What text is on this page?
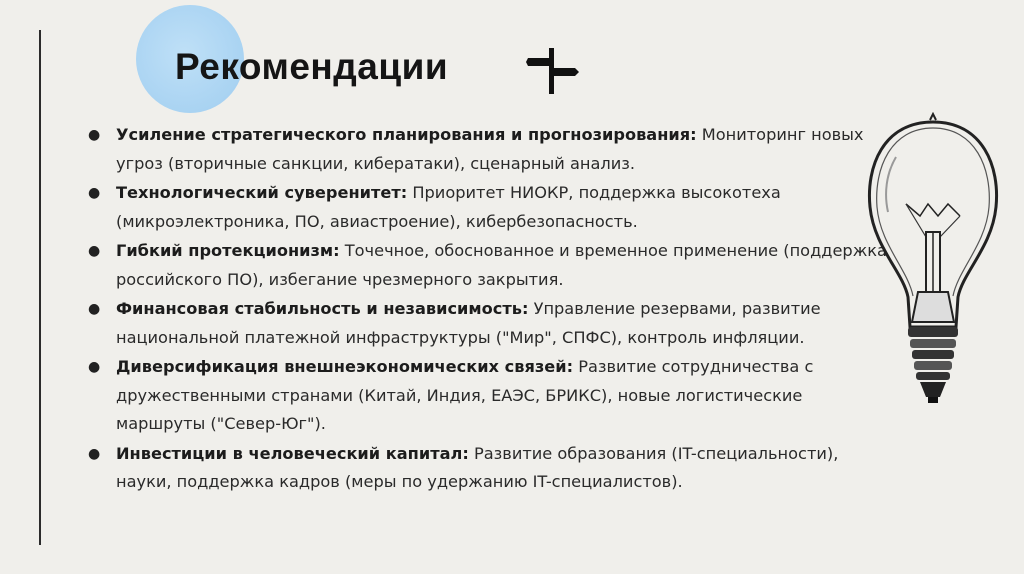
Рекомендации
● Усиление стратегического планирования и прогнозирования: Мониторинг новых угроз (вторичные санкции, кибератаки), сценарный анализ.
● Технологический суверенитет: Приоритет НИОКР, поддержка высокотеха (микроэлектроника, ПО, авиастроение), кибербезопасность.
● Гибкий протекционизм: Точечное, обоснованное и временное применение (поддержка российского ПО), избегание чрезмерного закрытия.
● Финансовая стабильность и независимость: Управление резервами, развитие национальной платежной инфраструктуры ("Мир", СПФС), контроль инфляции.
● Диверсификация внешнеэкономических связей: Развитие сотрудничества с дружественными странами (Китай, Индия, ЕАЭС, БРИКС), новые логистические маршруты ("Север-Юг").
● Инвестиции в человеческий капитал: Развитие образования (IT-специальности), науки, поддержка кадров (меры по удержанию IT-специалистов).
